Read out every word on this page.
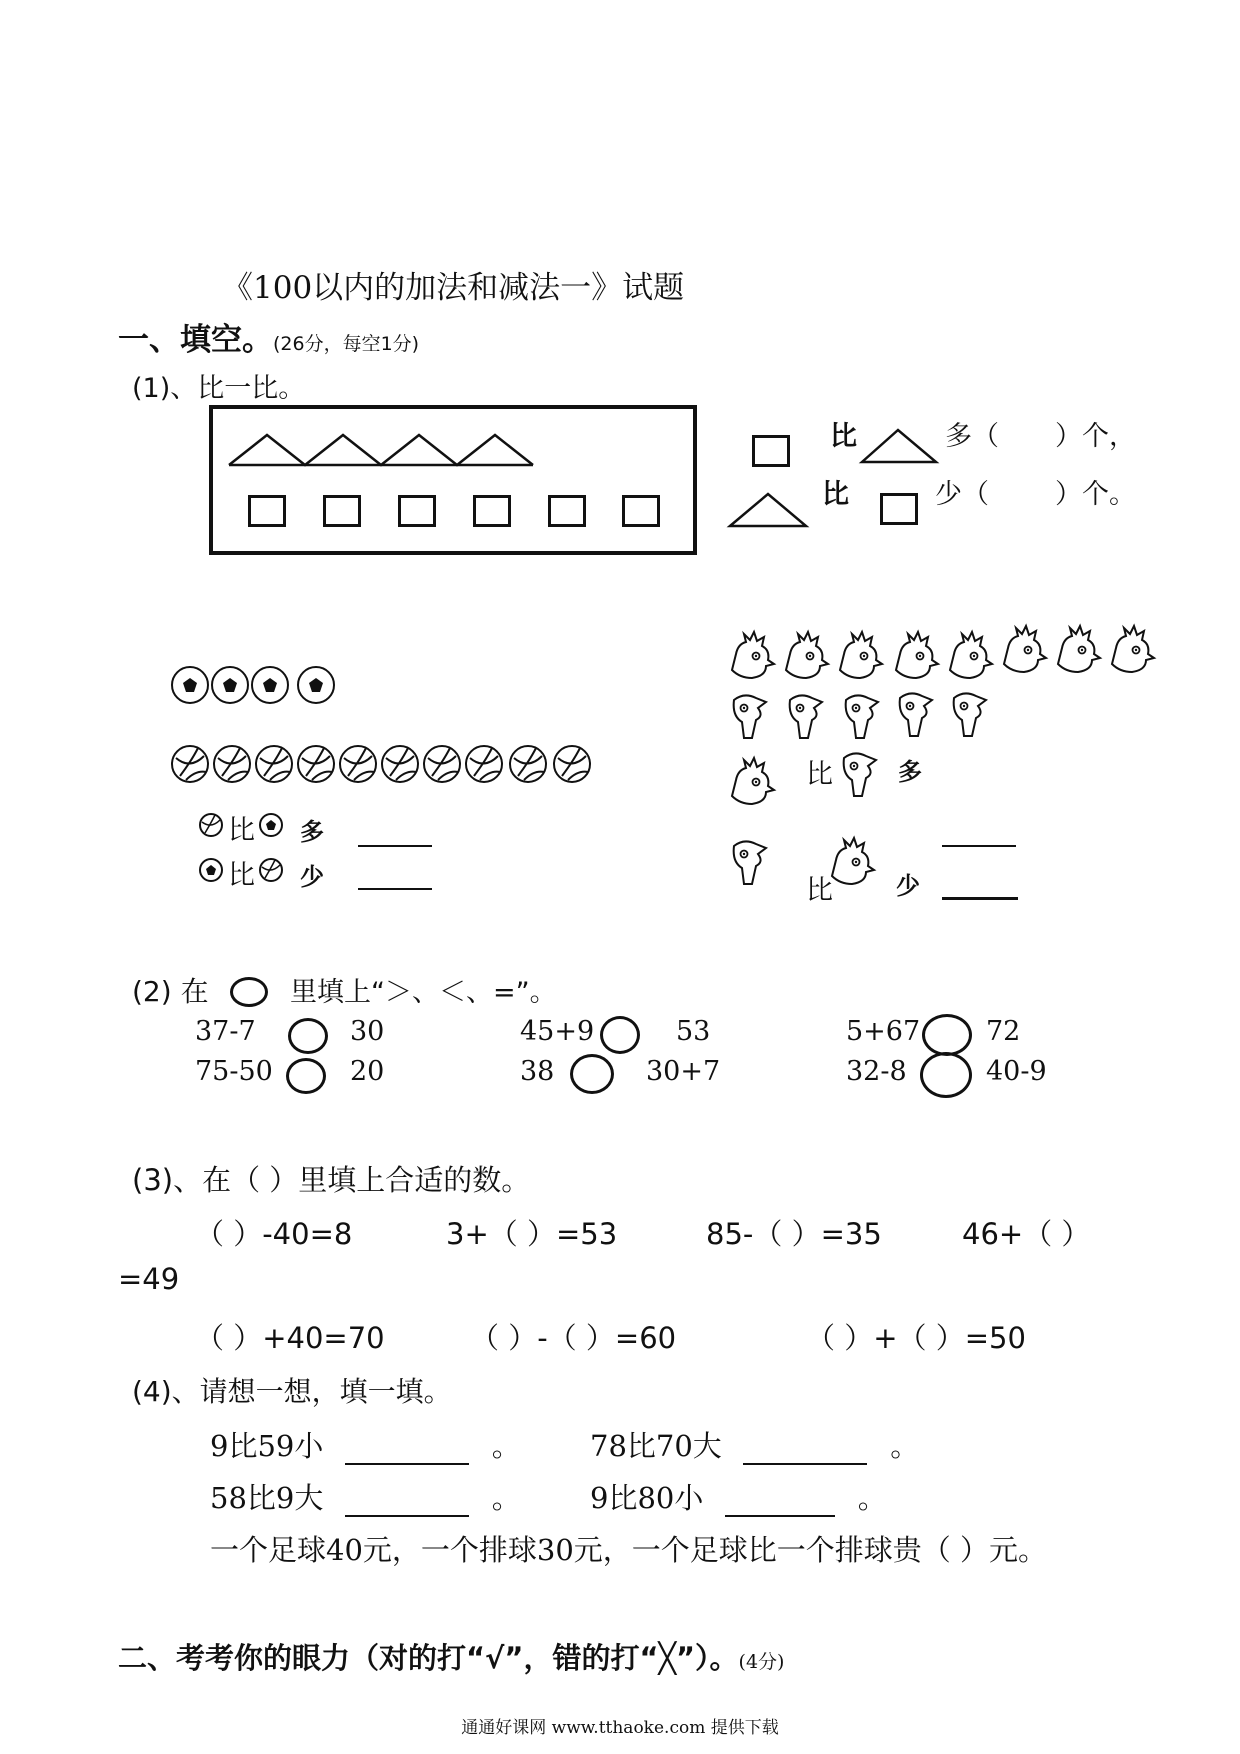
《100以内的加法和减法一》试题
一、填空。(26分，每空1分)
(1)、比一比。
比	多（ ）个，
比	少（ ）个。
比 多
比 少
比	多
比	少
(2) 在	里填上“＞、＜、=”。
37-7	30	45+9	53	5+67 72
75-50	20	38	30+7	32-8	40-9
(3)、在（ ）里填上合适的数。
（ ）-40=8	3+（ ）=53	85-（ ）=35	46+（ ）
=49
（ ）+40=70	（ ）-（ ）=60	（ ）+（ ）=50
(4)、请想一想，填一填。
9比59小	。 78比70大	。
58比9大	。 9比80小	。
一个足球40元，一个排球30元，一个足球比一个排球贵（ ）元。
二、考考你的眼力（对的打“√”，错的打“╳”）。(4分)
通通好课网 www.tthaoke.com 提供下载
